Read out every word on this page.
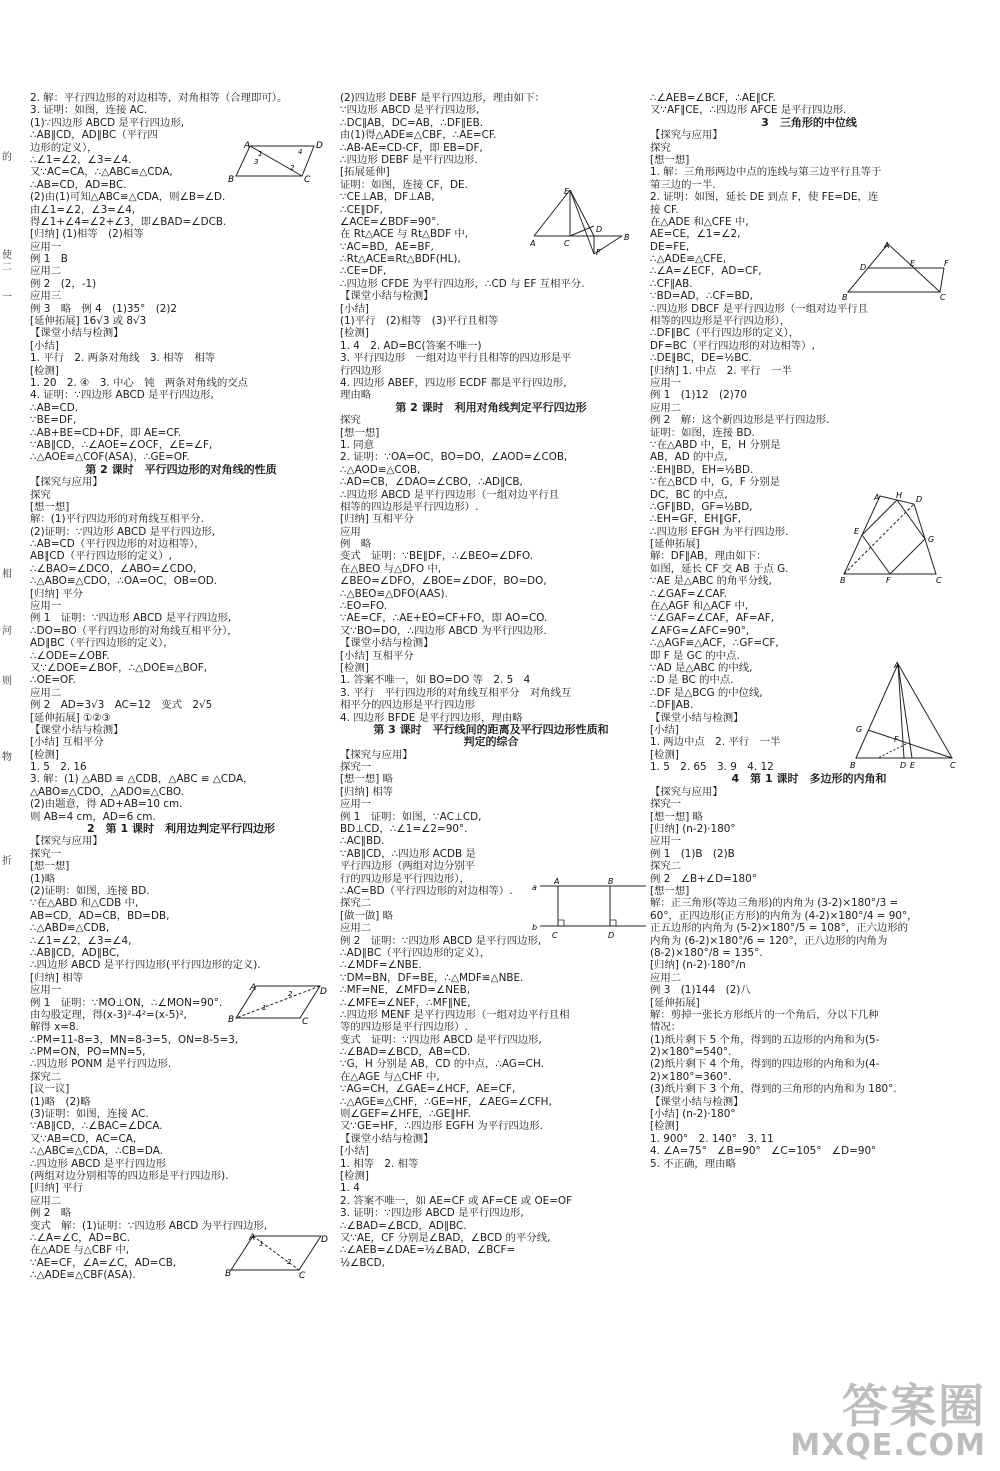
的
使
二
一
相
河
则
物
折
2. 解：平行四边形的对边相等，对角相等（合理即可）。
3. 证明：如图，连接 AC.
(1)∵四边形 ABCD 是平行四边形,
∴AB∥CD，AD∥BC（平行四
边形的定义），
∴∠1=∠2，∠3=∠4.
又∵AC=CA，∴△ABC≌△CDA,
∴AB=CD，AD=BC.
(2)由(1)可知△ABC≌△CDA，则∠B=∠D.
由∠1=∠2，∠3=∠4,
得∠1+∠4=∠2+∠3，即∠BAD=∠DCB.
[归纳] (1)相等　(2)相等
应用一
例 1　B
应用二
例 2　(2，-1)
应用三
例 3　略　例 4　(1)35°　(2)2
[延伸拓展] 16√3 或 8√3
【课堂小结与检测】
[小结]
1. 平行　2. 两条对角线　3. 相等　相等
[检测]
1. 20　2. ④　3. 中心　钝　两条对角线的交点
4. 证明：∵四边形 ABCD 是平行四边形,
∴AB=CD.
∵BE=DF,
∴AB+BE=CD+DF，即 AE=CF.
∵AB∥CD，∴∠AOE=∠OCF，∠E=∠F,
∴△AOE≌△COF(ASA)，∴GE=OF.
第 2 课时　平行四边形的对角线的性质
【探究与应用】
探究
[想一想]
解：(1)平行四边形的对角线互相平分.
(2)证明：∵四边形 ABCD 是平行四边形,
∴AB=CD（平行四边形的对边相等），
AB∥CD（平行四边形的定义）,
∴∠BAO=∠DCO，∠ABO=∠CDO,
∴△ABO≌△CDO，∴OA=OC，OB=OD.
[归纳] 平分
应用一
例 1　证明：∵四边形 ABCD 是平行四边形,
∴DO=BO（平行四边形的对角线互相平分），
AD∥BC（平行四边形的定义），
∴∠ODE=∠OBF.
又∵∠DOE=∠BOF，∴△DOE≌△BOF,
∴OE=OF.
应用二
例 2　AD=3√3　AC=12　变式　2√5
[延伸拓展] ①②③
【课堂小结与检测】
[小结] 互相平分
[检测]
1. 5　2. 16
3. 解：(1) △ABD ≌ △CDB，△ABC ≌ △CDA，
△ABO≌△CDO，△ADO≌△CBO.
(2)由题意，得 AD+AB=10 cm.
则 AB=4 cm，AD=6 cm.
2　第 1 课时　利用边判定平行四边形
【探究与应用】
探究一
[想一想]
(1)略
(2)证明：如图，连接 BD.
∵在△ABD 和△CDB 中,
AB=CD，AD=CB，BD=DB,
∴△ABD≌△CDB,
∴∠1=∠2，∠3=∠4,
∴AB∥CD，AD∥BC,
∴四边形 ABCD 是平行四边形(平行四边形的定义).
[归纳] 相等
应用一
例 1　证明：∵MO⊥ON，∴∠MON=90°.
由勾股定理，得(x-3)²-4²=(x-5)²,
解得 x=8.
∴PM=11-8=3，MN=8-3=5，ON=8-5=3,
∴PM=ON，PO=MN=5,
∴四边形 PONM 是平行四边形.
探究二
[议一议]
(1)略　(2)略
(3)证明：如图，连接 AC.
∵AB∥CD，∴∠BAC=∠DCA.
又∵AB=CD，AC=CA,
∴△ABC≌△CDA，∴CB=DA.
∴四边形 ABCD 是平行四边形
(两组对边分别相等的四边形是平行四边形).
[归纳] 平行
应用二
例 2　略
变式　解：(1)证明：∵四边形 ABCD 为平行四边形,
∴∠A=∠C，AD=BC.
在△ADE 与△CBF 中,
∵AE=CF，∠A=∠C，AD=CB,
∴△ADE≌△CBF(ASA).
(2)四边形 DEBF 是平行四边形，理由如下：
∵四边形 ABCD 是平行四边形,
∴DC∥AB，DC=AB，∴DF∥EB.
由(1)得△ADE≌△CBF，∴AE=CF.
∴AB-AE=CD-CF，即 EB=DF,
∴四边形 DEBF 是平行四边形.
[拓展延伸]
证明：如图，连接 CF，DE.
∵CE⊥AB，DF⊥AB,
∴CE∥DF,
∠ACE=∠BDF=90°.
在 Rt△ACE 与 Rt△BDF 中,
∵AC=BD，AE=BF,
∴Rt△ACE≌Rt△BDF(HL),
∴CE=DF,
∴四边形 CFDE 为平行四边形，∴CD 与 EF 互相平分.
【课堂小结与检测】
[小结]
(1)平行　(2)相等　(3)平行且相等
[检测]
1. 4　2. AD=BC(答案不唯一)
3. 平行四边形　一组对边平行且相等的四边形是平
行四边形
4. 四边形 ABEF，四边形 ECDF 都是平行四边形，
理由略
第 2 课时　利用对角线判定平行四边形
探究
[想一想]
1. 同意
2. 证明：∵OA=OC，BO=DO，∠AOD=∠COB,
∴△AOD≌△COB,
∴AD=CB，∠DAO=∠CBO，∴AD∥CB,
∴四边形 ABCD 是平行四边形（一组对边平行且
相等的四边形是平行四边形）.
[归纳] 互相平分
应用
例　略
变式　证明：∵BE∥DF，∴∠BEO=∠DFO.
在△BEO 与△DFO 中,
∠BEO=∠DFO，∠BOE=∠DOF，BO=DO,
∴△BEO≌△DFO(AAS).
∴EO=FO.
∵AE=CF，∴AE+EO=CF+FO，即 AO=CO.
又∵BO=DO，∴四边形 ABCD 为平行四边形.
【课堂小结与检测】
[小结] 互相平分
[检测]
1. 答案不唯一，如 BO=DO 等　2. 5　4
3. 平行　平行四边形的对角线互相平分　对角线互
相平分的四边形是平行四边形
4. 四边形 BFDE 是平行四边形，理由略
第 3 课时　平行线间的距离及平行四边形性质和
判定的综合
【探究与应用】
探究一
[想一想] 略
[归纳] 相等
应用一
例 1　证明：如图，∵AC⊥CD,
BD⊥CD，∴∠1=∠2=90°.
∴AC∥BD.
∵AB∥CD，∴四边形 ACDB 是
平行四边形（两组对边分别平
行的四边形是平行四边形），
∴AC=BD（平行四边形的对边相等）.
探究二
[做一做] 略
应用二
例 2　证明：∵四边形 ABCD 是平行四边形,
∴AD∥BC（平行四边形的定义），
∴∠MDF=∠NBE.
∵DM=BN，DF=BE，∴△MDF≌△NBE.
∴MF=NE，∠MFD=∠NEB,
∴∠MFE=∠NEF，∴MF∥NE,
∴四边形 MENF 是平行四边形（一组对边平行且相
等的四边形是平行四边形）.
变式　证明：∵四边形 ABCD 是平行四边形,
∴∠BAD=∠BCD，AB=CD.
∵G，H 分别是 AB，CD 的中点，∴AG=CH.
在△AGE 与△CHF 中,
∵AG=CH，∠GAE=∠HCF，AE=CF,
∴△AGE≌△CHF，∴GE=HF，∠AEG=∠CFH,
则∠GEF=∠HFE，∴GE∥HF.
又∵GE=HF，∴四边形 EGFH 为平行四边形.
【课堂小结与检测】
[小结]
1. 相等　2. 相等
[检测]
1. 4
2. 答案不唯一，如 AE=CF 或 AF=CE 或 OE=OF
3. 证明：∵四边形 ABCD 是平行四边形,
∴∠BAD=∠BCD，AD∥BC.
又∵AE，CF 分别是∠BAD，∠BCD 的平分线,
∴∠AEB=∠DAE=½∠BAD，∠BCF=
½∠BCD,
∴∠AEB=∠BCF，∴AE∥CF.
又∵AF∥CE，∴四边形 AFCE 是平行四边形.
3　三角形的中位线
【探究与应用】
探究
[想一想]
1. 解：三角形两边中点的连线与第三边平行且等于
第三边的一半.
2. 证明：如图，延长 DE 到点 F，使 FE=DE，连
接 CF.
在△ADE 和△CFE 中,
AE=CE，∠1=∠2,
DE=FE,
∴△ADE≌△CFE,
∴∠A=∠ECF，AD=CF,
∴CF∥AB.
∵BD=AD，∴CF=BD,
∴四边形 DBCF 是平行四边形（一组对边平行且
相等的四边形是平行四边形），
∴DF∥BC（平行四边形的定义），
DF=BC（平行四边形的对边相等）,
∴DE∥BC，DE=½BC.
[归纳] 1. 中点　2. 平行　一半
应用一
例 1　(1)12　(2)70
应用二
例 2　解：这个新四边形是平行四边形.
证明：如图，连接 BD.
∵在△ABD 中，E，H 分别是
AB，AD 的中点,
∴EH∥BD，EH=½BD.
∵在△BCD 中，G，F 分别是
DC，BC 的中点,
∴GF∥BD，GF=½BD,
∴EH=GF，EH∥GF,
∴四边形 EFGH 为平行四边形.
[延伸拓展]
解：DF∥AB，理由如下：
如图，延长 CF 交 AB 于点 G.
∵AE 是△ABC 的角平分线,
∴∠GAF=∠CAF.
在△AGF 和△ACF 中,
∵∠GAF=∠CAF，AF=AF,
∠AFG=∠AFC=90°,
∴△AGF≌△ACF，∴GF=CF,
即 F 是 GC 的中点.
∵AD 是△ABC 的中线,
∴D 是 BC 的中点.
∴DF 是△BCG 的中位线,
∴DF∥AB.
【课堂小结与检测】
[小结]
1. 两边中点　2. 平行　一半
[检测]
1. 5　2. 65　3. 9　4. 12
4　第 1 课时　多边形的内角和
【探究与应用】
探究一
[想一想] 略
[归纳] (n-2)·180°
应用一
例 1　(1)B　(2)B
探究二
例 2　∠B+∠D=180°
[想一想]
解：正三角形(等边三角形)的内角为 (3-2)×180°/3 =
60°，正四边形(正方形)的内角为 (4-2)×180°/4 = 90°，
正五边形的内角为 (5-2)×180°/5 = 108°，正六边形的
内角为 (6-2)×180°/6 = 120°，正八边形的内角为
(8-2)×180°/8 = 135°.
[归纳] (n-2)·180°/n
应用二
例 3　(1)144　(2)八
[延伸拓展]
解：剪掉一张长方形纸片的一个角后，分以下几种
情况：
(1)纸片剩下 5 个角，得到的五边形的内角和为(5-
2)×180°=540°.
(2)纸片剩下 4 个角，得到的四边形的内角和为(4-
2)×180°=360°.
(3)纸片剩下 3 个角，得到的三角形的内角和为 180°.
【课堂小结与检测】
[小结] (n-2)·180°
[检测]
1. 900°　2. 140°　3. 11
4. ∠A=75°　∠B=90°　∠C=105°　∠D=90°
5. 不正确，理由略
A	D
B	C
1
2
3
4
E
A	C
B
D
F
A	D
B	C
1
2
A
D	F
E
B	C
A	D
B	C
1
2
A H
E
D
G
B	F	C
A
G
F
B	D E	C
a
b
A	B
C	D
答案圈
MXQE.COM
